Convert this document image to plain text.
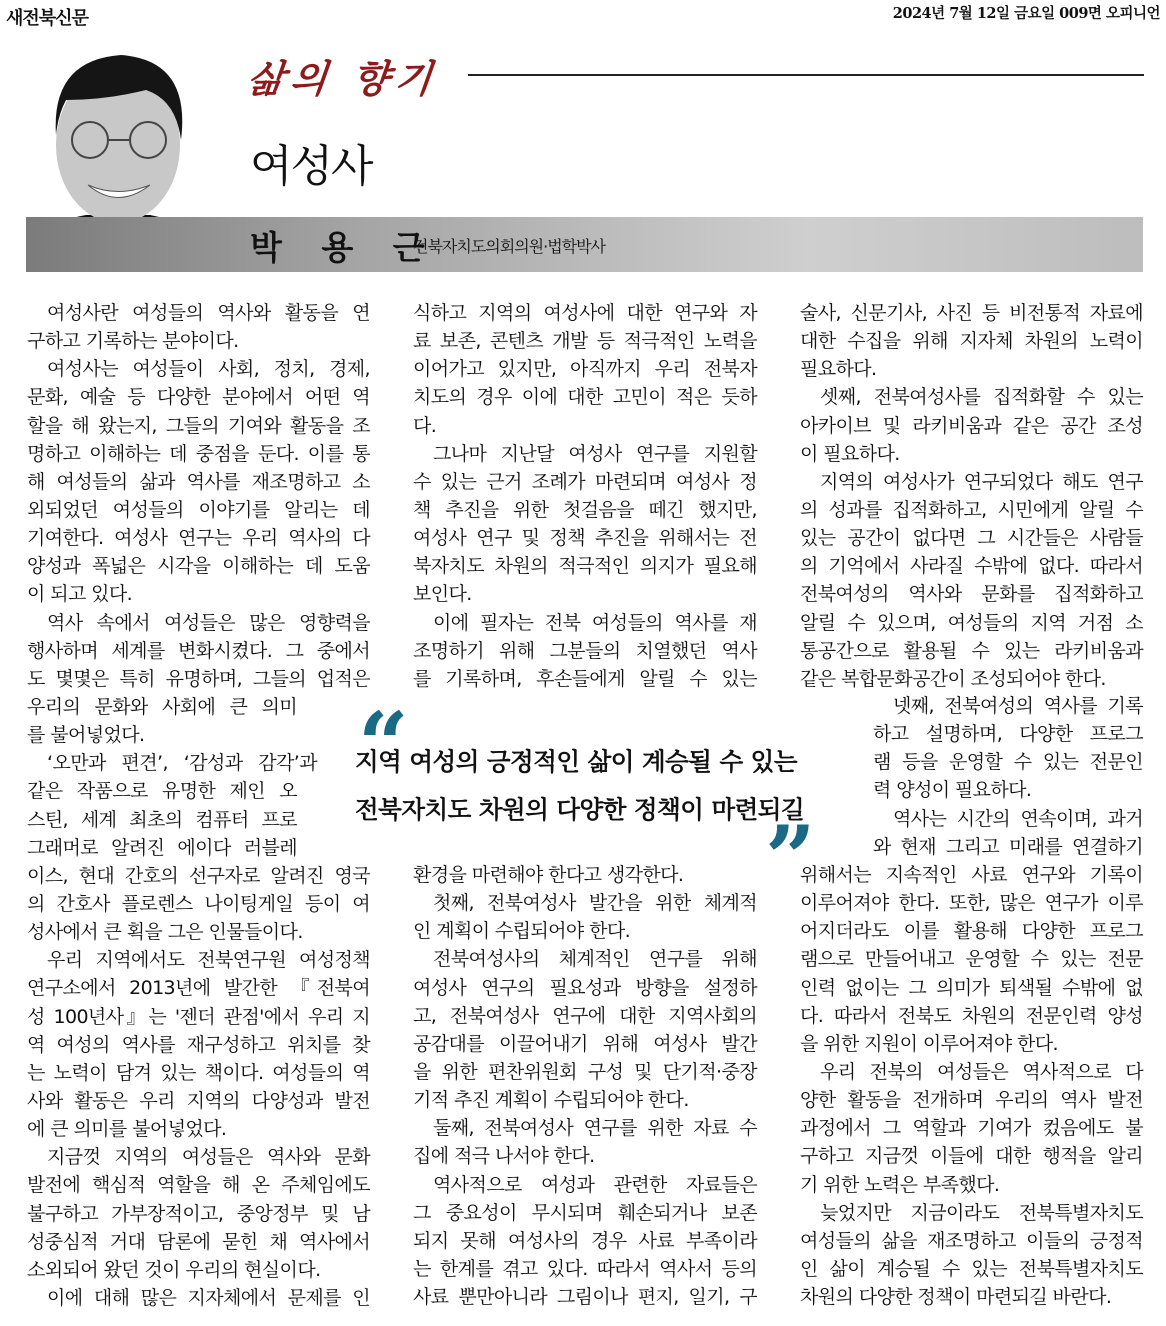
새전북신문	2024년 7월 12일 금요일 009면 오피니언
삶의 향기
여성사
박 용 근
전북자치도의회의원·법학박사
여성사란 여성들의 역사와 활동을 연
구하고 기록하는 분야이다.
여성사는 여성들이 사회, 정치, 경제,
문화, 예술 등 다양한 분야에서 어떤 역
할을 해 왔는지, 그들의 기여와 활동을 조
명하고 이해하는 데 중점을 둔다. 이를 통
해 여성들의 삶과 역사를 재조명하고 소
외되었던 여성들의 이야기를 알리는 데
기여한다. 여성사 연구는 우리 역사의 다
양성과 폭넓은 시각을 이해하는 데 도움
이 되고 있다.
역사 속에서 여성들은 많은 영향력을
행사하며 세계를 변화시켰다. 그 중에서
도 몇몇은 특히 유명하며, 그들의 업적은
우리의 문화와 사회에 큰 의미
를 불어넣었다.
‘오만과 편견’, ‘감성과 감각’과
같은 작품으로 유명한 제인 오
스틴, 세계 최초의 컴퓨터 프로
그래머로 알려진 에이다 러블레
이스, 현대 간호의 선구자로 알려진 영국
의 간호사 플로렌스 나이팅게일 등이 여
성사에서 큰 획을 그은 인물들이다.
우리 지역에서도 전북연구원 여성정책
연구소에서 2013년에 발간한 『전북여
성 100년사』는 '젠더 관점'에서 우리 지
역 여성의 역사를 재구성하고 위치를 찾
는 노력이 담겨 있는 책이다. 여성들의 역
사와 활동은 우리 지역의 다양성과 발전
에 큰 의미를 불어넣었다.
지금껏 지역의 여성들은 역사와 문화
발전에 핵심적 역할을 해 온 주체임에도
불구하고 가부장적이고, 중앙정부 및 남
성중심적 거대 담론에 묻힌 채 역사에서
소외되어 왔던 것이 우리의 현실이다.
이에 대해 많은 지자체에서 문제를 인
식하고 지역의 여성사에 대한 연구와 자
료 보존, 콘텐츠 개발 등 적극적인 노력을
이어가고 있지만, 아직까지 우리 전북자
치도의 경우 이에 대한 고민이 적은 듯하
다.
그나마 지난달 여성사 연구를 지원할
수 있는 근거 조례가 마련되며 여성사 정
책 추진을 위한 첫걸음을 떼긴 했지만,
여성사 연구 및 정책 추진을 위해서는 전
북자치도 차원의 적극적인 의지가 필요해
보인다.
이에 필자는 전북 여성들의 역사를 재
조명하기 위해 그분들의 치열했던 역사
를 기록하며, 후손들에게 알릴 수 있는
환경을 마련해야 한다고 생각한다.
첫째, 전북여성사 발간을 위한 체계적
인 계획이 수립되어야 한다.
전북여성사의 체계적인 연구를 위해
여성사 연구의 필요성과 방향을 설정하
고, 전북여성사 연구에 대한 지역사회의
공감대를 이끌어내기 위해 여성사 발간
을 위한 편찬위원회 구성 및 단기적·중장
기적 추진 계획이 수립되어야 한다.
둘째, 전북여성사 연구를 위한 자료 수
집에 적극 나서야 한다.
역사적으로 여성과 관련한 자료들은
그 중요성이 무시되며 훼손되거나 보존
되지 못해 여성사의 경우 사료 부족이라
는 한계를 겪고 있다. 따라서 역사서 등의
사료 뿐만아니라 그림이나 편지, 일기, 구
술사, 신문기사, 사진 등 비전통적 자료에
대한 수집을 위해 지자체 차원의 노력이
필요하다.
셋째, 전북여성사를 집적화할 수 있는
아카이브 및 라키비움과 같은 공간 조성
이 필요하다.
지역의 여성사가 연구되었다 해도 연구
의 성과를 집적화하고, 시민에게 알릴 수
있는 공간이 없다면 그 시간들은 사람들
의 기억에서 사라질 수밖에 없다. 따라서
전북여성의 역사와 문화를 집적화하고
알릴 수 있으며, 여성들의 지역 거점 소
통공간으로 활용될 수 있는 라키비움과
같은 복합문화공간이 조성되어야 한다.
넷째, 전북여성의 역사를 기록
하고 설명하며, 다양한 프로그
램 등을 운영할 수 있는 전문인
력 양성이 필요하다.
역사는 시간의 연속이며, 과거
와 현재 그리고 미래를 연결하기
위해서는 지속적인 사료 연구와 기록이
이루어져야 한다. 또한, 많은 연구가 이루
어지더라도 이를 활용해 다양한 프로그
램으로 만들어내고 운영할 수 있는 전문
인력 없이는 그 의미가 퇴색될 수밖에 없
다. 따라서 전북도 차원의 전문인력 양성
을 위한 지원이 이루어져야 한다.
우리 전북의 여성들은 역사적으로 다
양한 활동을 전개하며 우리의 역사 발전
과정에서 그 역할과 기여가 컸음에도 불
구하고 지금껏 이들에 대한 행적을 알리
기 위한 노력은 부족했다.
늦었지만 지금이라도 전북특별자치도
여성들의 삶을 재조명하고 이들의 긍정적
인 삶이 계승될 수 있는 전북특별자치도
차원의 다양한 정책이 마련되길 바란다.
“
지역 여성의 긍정적인 삶이 계승될 수 있는
전북자치도 차원의 다양한 정책이 마련되길
”
